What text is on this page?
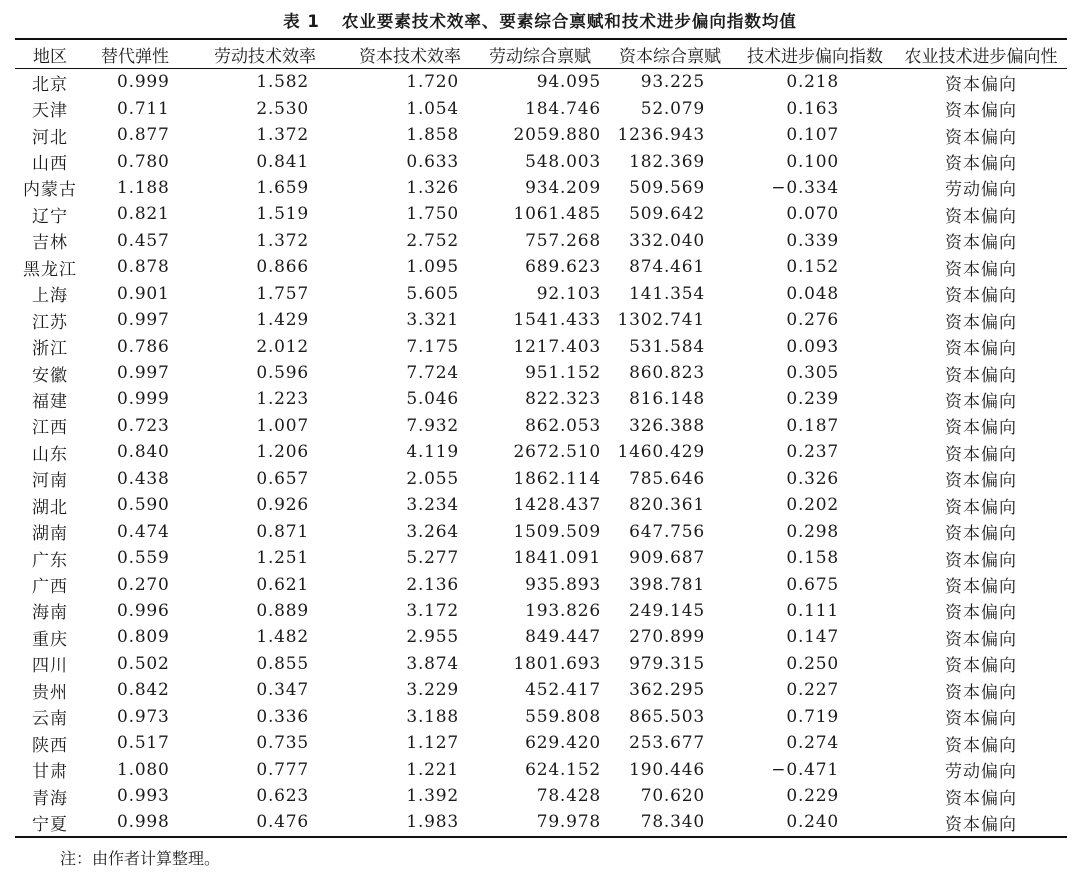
表 1 农业要素技术效率、要素综合禀赋和技术进步偏向指数均值
地区	替代弹性	劳动技术效率	资本技术效率	劳动综合禀赋	资本综合禀赋	技术进步偏向指数	农业技术进步偏向性
北京	0.999	1.582	1.720	94.095	93.225	0.218	资本偏向
天津	0.711	2.530	1.054	184.746	52.079	0.163	资本偏向
河北	0.877	1.372	1.858	2059.880	1236.943	0.107	资本偏向
山西	0.780	0.841	0.633	548.003	182.369	0.100	资本偏向
内蒙古	1.188	1.659	1.326	934.209	509.569	−0.334	劳动偏向
辽宁	0.821	1.519	1.750	1061.485	509.642	0.070	资本偏向
吉林	0.457	1.372	2.752	757.268	332.040	0.339	资本偏向
黑龙江	0.878	0.866	1.095	689.623	874.461	0.152	资本偏向
上海	0.901	1.757	5.605	92.103	141.354	0.048	资本偏向
江苏	0.997	1.429	3.321	1541.433	1302.741	0.276	资本偏向
浙江	0.786	2.012	7.175	1217.403	531.584	0.093	资本偏向
安徽	0.997	0.596	7.724	951.152	860.823	0.305	资本偏向
福建	0.999	1.223	5.046	822.323	816.148	0.239	资本偏向
江西	0.723	1.007	7.932	862.053	326.388	0.187	资本偏向
山东	0.840	1.206	4.119	2672.510	1460.429	0.237	资本偏向
河南	0.438	0.657	2.055	1862.114	785.646	0.326	资本偏向
湖北	0.590	0.926	3.234	1428.437	820.361	0.202	资本偏向
湖南	0.474	0.871	3.264	1509.509	647.756	0.298	资本偏向
广东	0.559	1.251	5.277	1841.091	909.687	0.158	资本偏向
广西	0.270	0.621	2.136	935.893	398.781	0.675	资本偏向
海南	0.996	0.889	3.172	193.826	249.145	0.111	资本偏向
重庆	0.809	1.482	2.955	849.447	270.899	0.147	资本偏向
四川	0.502	0.855	3.874	1801.693	979.315	0.250	资本偏向
贵州	0.842	0.347	3.229	452.417	362.295	0.227	资本偏向
云南	0.973	0.336	3.188	559.808	865.503	0.719	资本偏向
陕西	0.517	0.735	1.127	629.420	253.677	0.274	资本偏向
甘肃	1.080	0.777	1.221	624.152	190.446	−0.471	劳动偏向
青海	0.993	0.623	1.392	78.428	70.620	0.229	资本偏向
宁夏	0.998	0.476	1.983	79.978	78.340	0.240	资本偏向
注：由作者计算整理。
